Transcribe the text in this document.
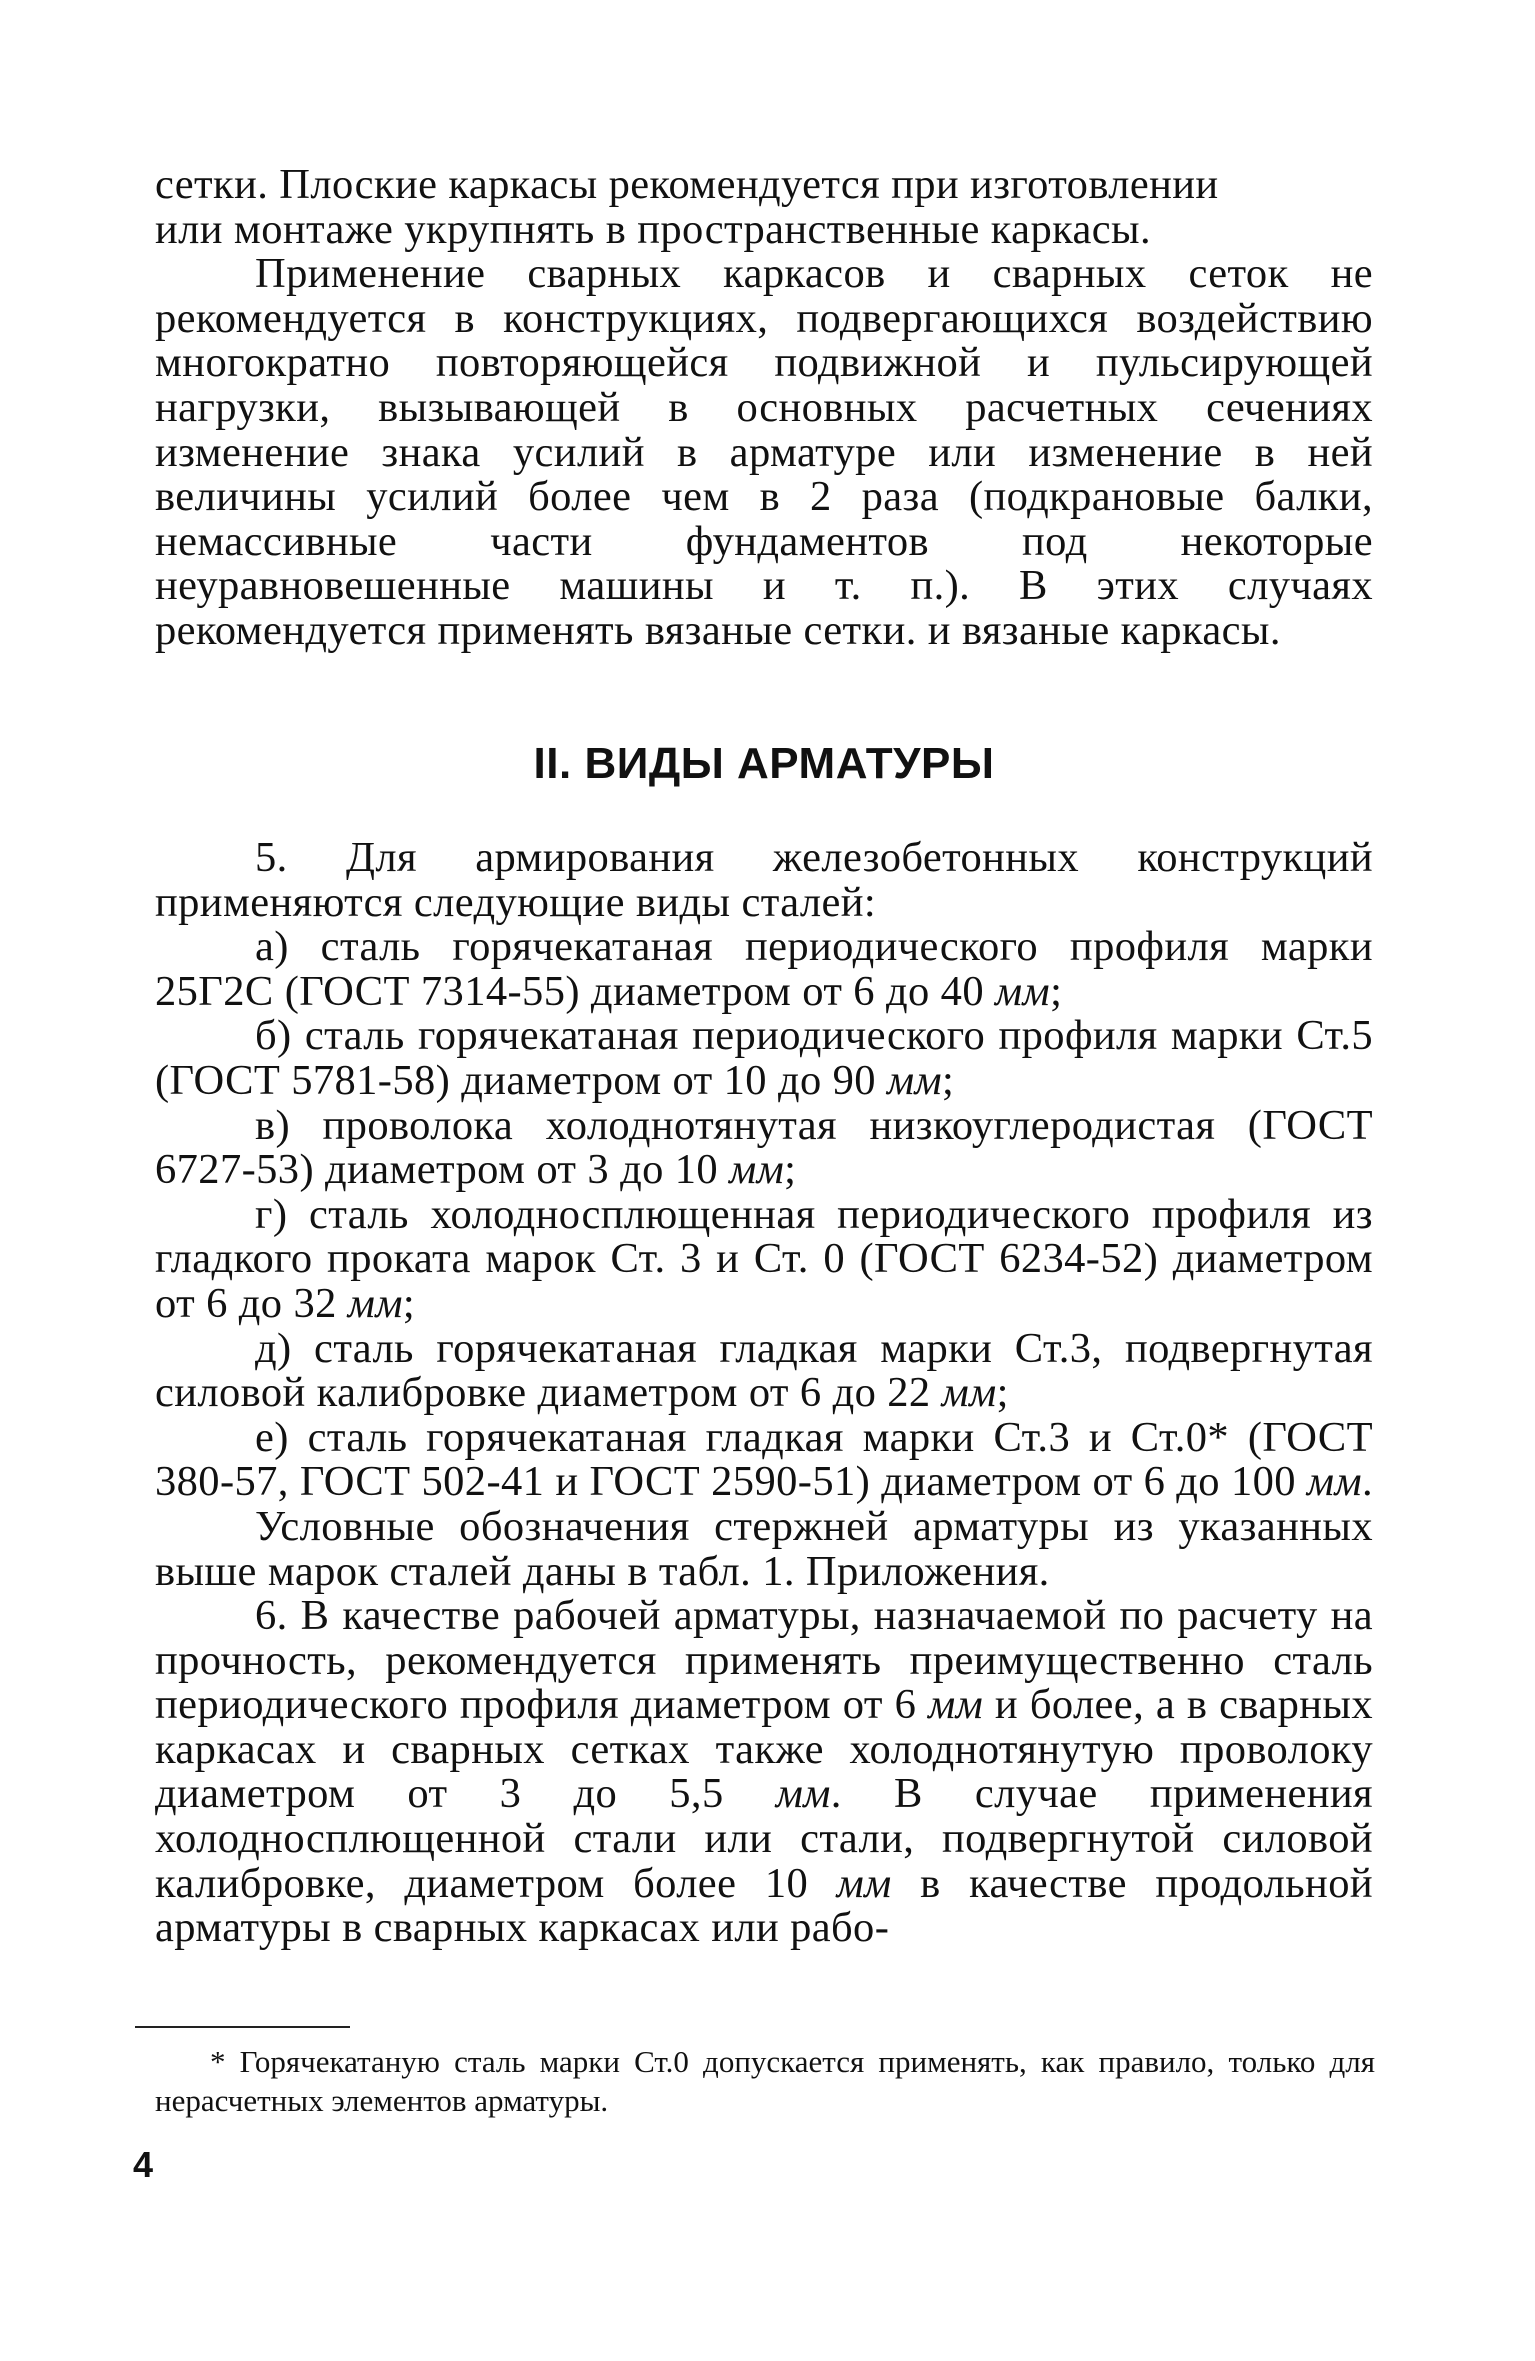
сетки. Плоские каркасы рекомендуется при изготовлении

или монтаже укрупнять в пространственные каркасы.

Применение сварных каркасов и сварных сеток не рекомендуется в конструкциях, подвергающихся воздействию многократно повторяющейся подвижной и пульсирующей нагрузки, вызывающей в основных расчетных сечениях изменение знака усилий в арматуре или изменение в ней величины усилий более чем в 2 раза (подкрановые балки, немассивные части фундаментов под некоторые неуравновешенные машины и т. п.). В этих случаях рекомендуется применять вязаные сетки. и вязаные каркасы.

II. ВИДЫ АРМАТУРЫ

5. Для армирования железобетонных конструкций применяются следующие виды сталей:

а) сталь горячекатаная периодического профиля марки 25Г2С (ГОСТ 7314-55) диаметром от 6 до 40 мм;

б) сталь горячекатаная периодического профиля марки Ст.5 (ГОСТ 5781-58) диаметром от 10 до 90 мм;

в) проволока холоднотянутая низкоуглеродистая (ГОСТ 6727-53) диаметром от 3 до 10 мм;

г) сталь холодносплющенная периодического профиля из гладкого проката марок Ст. 3 и Ст. 0 (ГОСТ 6234-52) диаметром от 6 до 32 мм;

д) сталь горячекатаная гладкая марки Ст.3, подвергнутая силовой калибровке диаметром от 6 до 22 мм;

е) сталь горячекатаная гладкая марки Ст.3 и Ст.0* (ГОСТ 380-57, ГОСТ 502-41 и ГОСТ 2590-51) диаметром от 6 до 100 мм.

Условные обозначения стержней арматуры из указанных выше марок сталей даны в табл. 1. Приложения.

6. В качестве рабочей арматуры, назначаемой по расчету на прочность, рекомендуется применять преимущественно сталь периодического профиля диаметром от 6 мм и более, а в сварных каркасах и сварных сетках также холоднотянутую проволоку диаметром от 3 до 5,5 мм. В случае применения холодносплющенной стали или стали, подвергнутой силовой калибровке, диаметром более 10 мм в качестве продольной арматуры в сварных каркасах или рабо-

* Горячекатаную сталь марки Ст.0 допускается применять, как правило, только для нерасчетных элементов арматуры.

4
